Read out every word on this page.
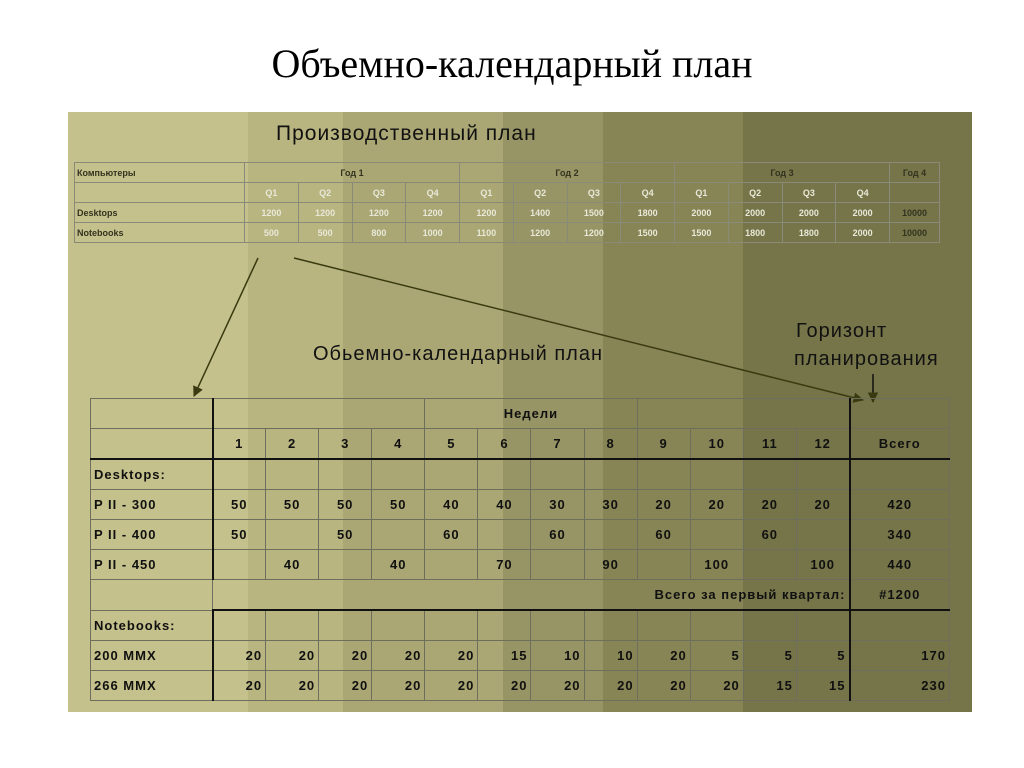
Объемно-календарный план
Производственный план
Компьютеры	Год 1				Год 2				Год 3				Год 4
	Q1	Q2	Q3	Q4	Q1	Q2	Q3	Q4	Q1	Q2	Q3	Q4	
Desktops	1200	1200	1200	1200	1200	1400	1500	1800	2000	2000	2000	2000	10000
Notebooks	500	500	800	1000	1100	1200	1200	1500	1500	1800	1800	2000	10000
Обьемно-календарный план
Горизонт
планирования
					Недели								
	1	2	3	4	5	6	7	8	9	10	11	12	Всего
Desktops:													
P II - 300	50	50	50	50	40	40	30	30	20	20	20	20	420
P II - 400	50		50		60		60		60		60		340
P II - 450		40		40		70		90		100		100	440
	Всего за первый квартал:												#1200
Notebooks:													
200 MMX	20	20	20	20	20	15	10	10	20	5	5	5	170
266 MMX	20	20	20	20	20	20	20	20	20	20	15	15	230
